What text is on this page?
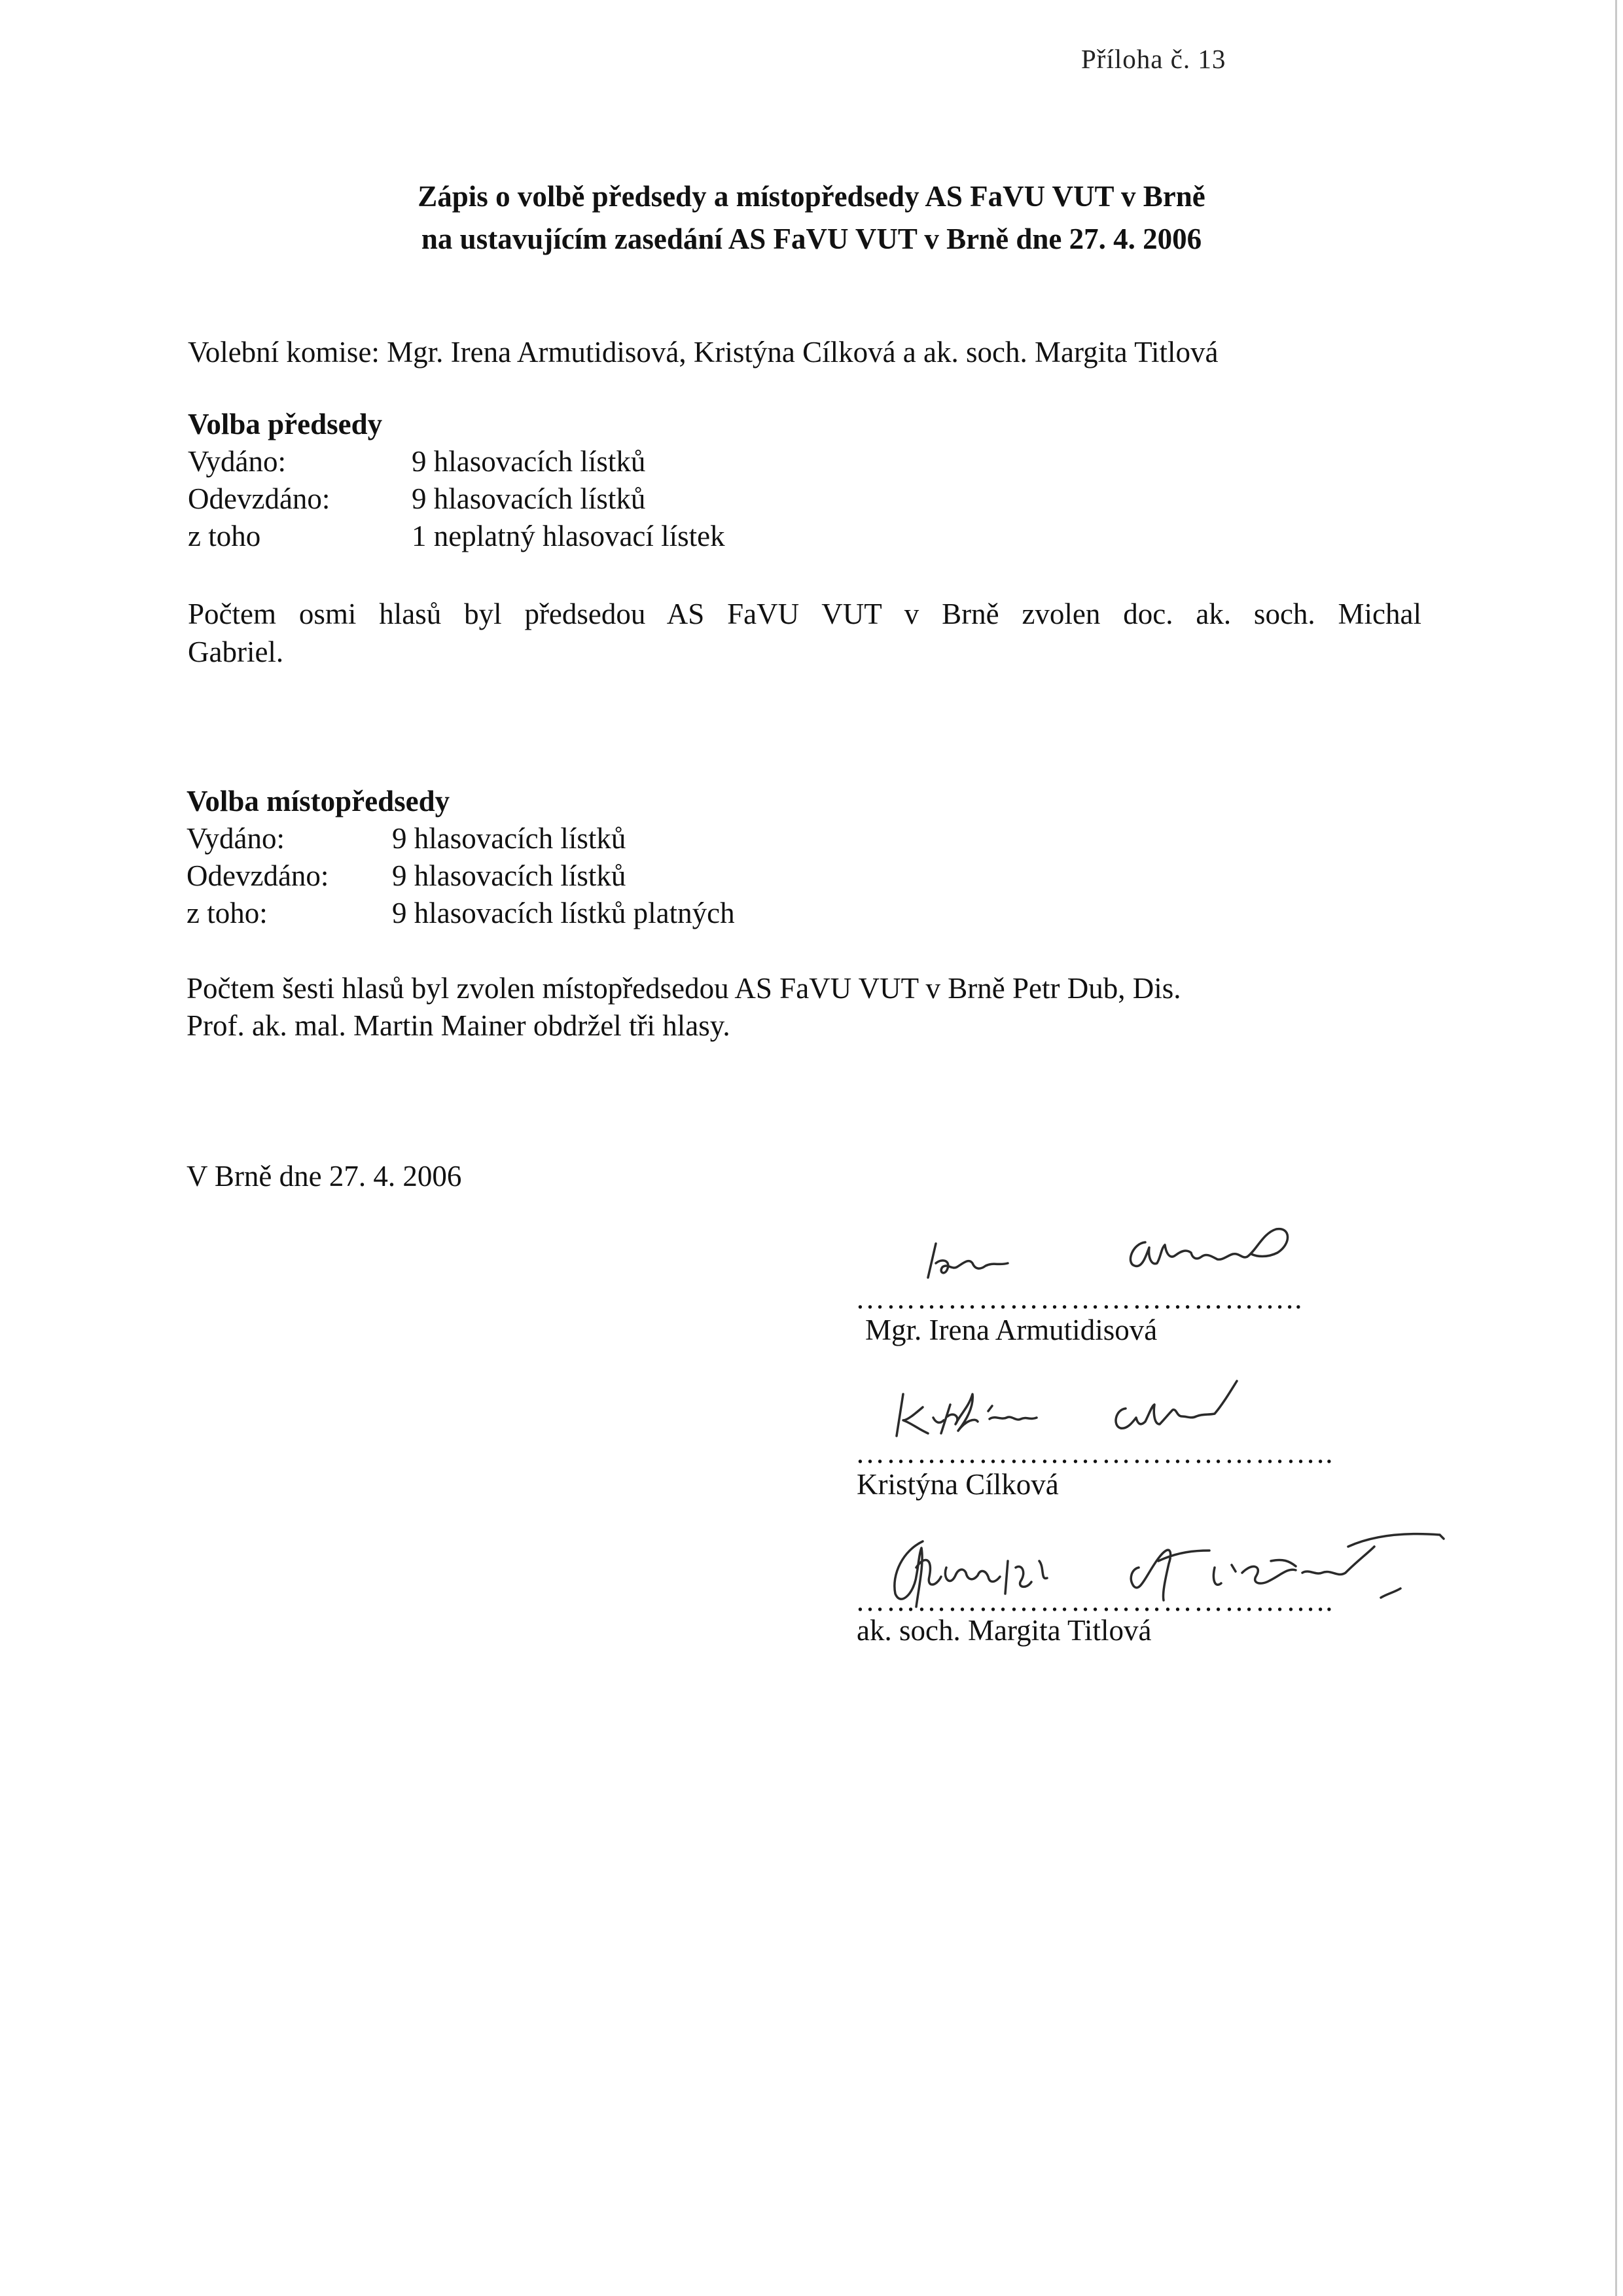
Příloha č. 13
Zápis o volbě předsedy a místopředsedy AS FaVU VUT v Brně
na ustavujícím zasedání AS FaVU VUT v Brně dne 27. 4. 2006
Volební komise: Mgr. Irena Armutidisová, Kristýna Cílková a ak. soch. Margita Titlová
Volba předsedy
Vydáno:	9 hlasovacích lístků
Odevzdáno:	9 hlasovacích lístků
z toho	1 neplatný hlasovací lístek
Počtem osmi hlasů byl předsedou AS FaVU VUT v Brně zvolen doc. ak. soch. Michal
Gabriel.
Volba místopředsedy
Vydáno:	9 hlasovacích lístků
Odevzdáno: 9 hlasovacích lístků
z toho:	9 hlasovacích lístků platných
Počtem šesti hlasů byl zvolen místopředsedou AS FaVU VUT v Brně Petr Dub, Dis.
Prof. ak. mal. Martin Mainer obdržel tři hlasy.
V Brně dne 27. 4. 2006
……………………………………..
Mgr. Irena Armutidisová
………………………………………..
Kristýna Cílková
………………………………………..
ak. soch. Margita Titlová
